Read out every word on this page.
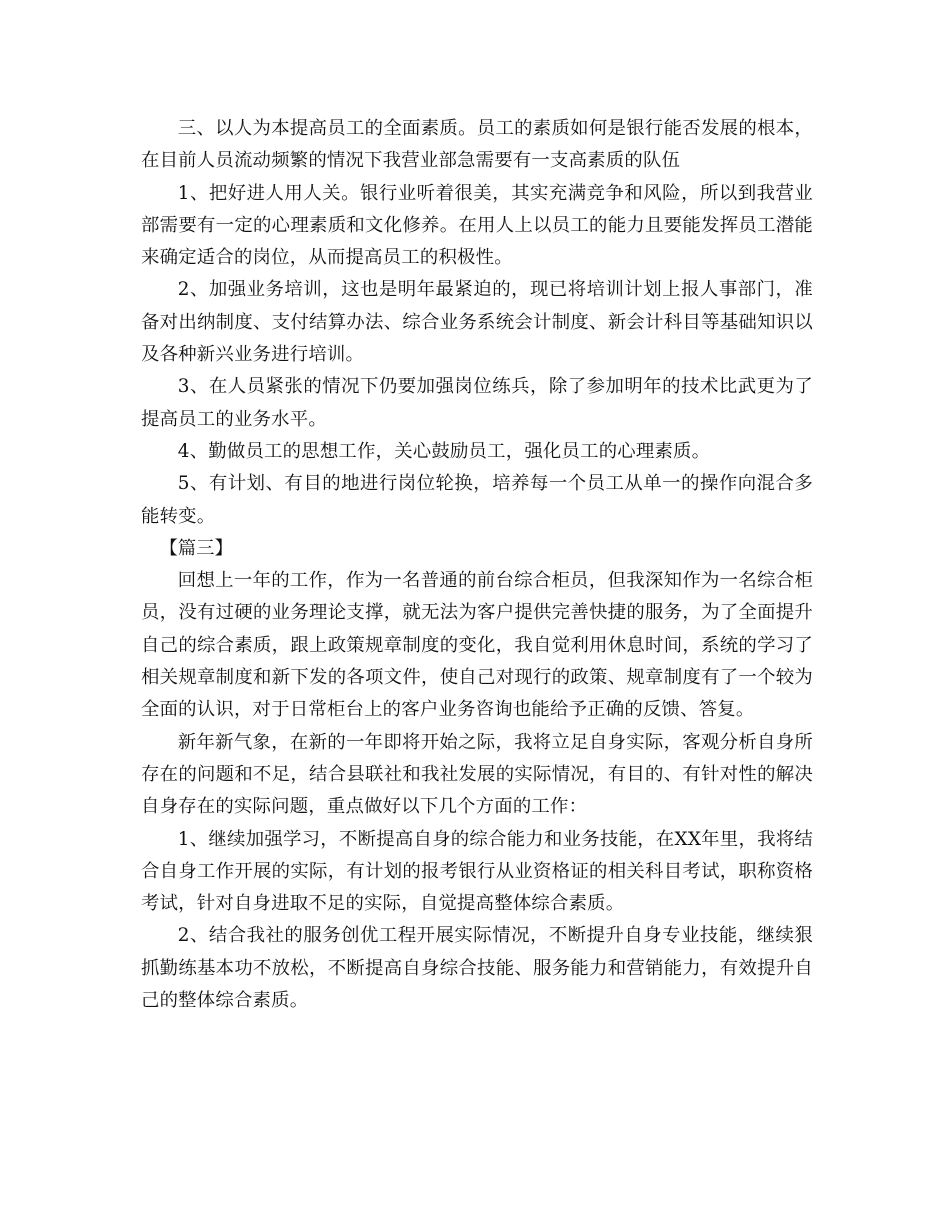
三、以人为本提高员工的全面素质。员工的素质如何是银行能否发展的根本，在目前人员流动频繁的情况下我营业部急需要有一支高素质的队伍

1、把好进人用人关。银行业听着很美，其实充满竞争和风险，所以到我营业部需要有一定的心理素质和文化修养。在用人上以员工的能力且要能发挥员工潜能来确定适合的岗位，从而提高员工的积极性。

2、加强业务培训，这也是明年最紧迫的，现已将培训计划上报人事部门，准备对出纳制度、支付结算办法、综合业务系统会计制度、新会计科目等基础知识以及各种新兴业务进行培训。

3、在人员紧张的情况下仍要加强岗位练兵，除了参加明年的技术比武更为了提高员工的业务水平。

4、勤做员工的思想工作，关心鼓励员工，强化员工的心理素质。

5、有计划、有目的地进行岗位轮换，培养每一个员工从单一的操作向混合多能转变。

【篇三】

回想上一年的工作，作为一名普通的前台综合柜员，但我深知作为一名综合柜员，没有过硬的业务理论支撑，就无法为客户提供完善快捷的服务，为了全面提升自己的综合素质，跟上政策规章制度的变化，我自觉利用休息时间，系统的学习了相关规章制度和新下发的各项文件，使自己对现行的政策、规章制度有了一个较为全面的认识，对于日常柜台上的客户业务咨询也能给予正确的反馈、答复。

新年新气象，在新的一年即将开始之际，我将立足自身实际，客观分析自身所存在的问题和不足，结合县联社和我社发展的实际情况，有目的、有针对性的解决自身存在的实际问题，重点做好以下几个方面的工作：

1、继续加强学习，不断提高自身的综合能力和业务技能，在XX年里，我将结合自身工作开展的实际，有计划的报考银行从业资格证的相关科目考试，职称资格考试，针对自身进取不足的实际，自觉提高整体综合素质。

2、结合我社的服务创优工程开展实际情况，不断提升自身专业技能，继续狠抓勤练基本功不放松，不断提高自身综合技能、服务能力和营销能力，有效提升自己的整体综合素质。
